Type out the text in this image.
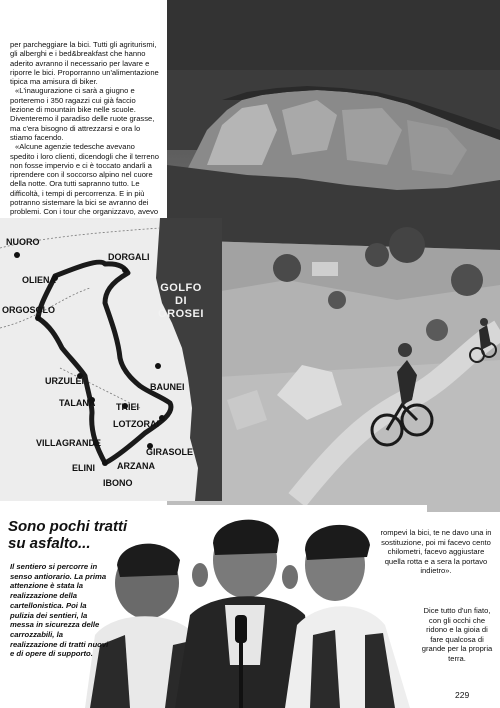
per parcheggiare la bici. Tutti gli agriturismi, gli alberghi e i bed&breakfast che hanno aderito avranno il necessario per lavare e riporre le bici. Proporranno un'alimentazione tipica ma amisura di biker.

«L'inaugurazione ci sarà a giugno e porteremo i 350 ragazzi cui già faccio lezione di mountain bike nelle scuole. Diventeremo il paradiso delle ruote grasse, ma c'era bisogno di attrezzarsi e ora lo stiamo facendo.

«Alcune agenzie tedesche avevano spedito i loro clienti, dicendogli che il terreno non fosse impervio e ci è toccato andarli a riprendere con il soccorso alpino nel cuore della notte. Ora tutti sapranno tutto. Le difficoltà, i tempi di percorrenza. E in più potranno sistemare la bici se avranno dei problemi. Con i tour che organizzavo, avevo

NUORO
DORGALI
OLIENA
ORGOSOLO
URZULEI
BAUNEI
TALANA TRIEI
LOTZORAI
VILLAGRANDE
GIRASOLE
ELINI ARZANA
IBONO
GOLFO
DI
OROSEI
Sono pochi tratti
su asfalto...
Il sentiero si percorre in senso antiorario. La prima attenzione è stata la realizzazione della cartellonistica. Poi la pulizia dei sentieri, la messa in sicurezza delle carrozzabili, la realizzazione di tratti nuovi e di opere di supporto.
rompevi la bici, te ne davo una in sostituzione, poi mi facevo cento chilometri, facevo aggiustare quella rotta e a sera la portavo indietro».
Dice tutto d'un fiato, con gli occhi che ridono e la gioia di fare qualcosa di grande per la propria terra.
229
